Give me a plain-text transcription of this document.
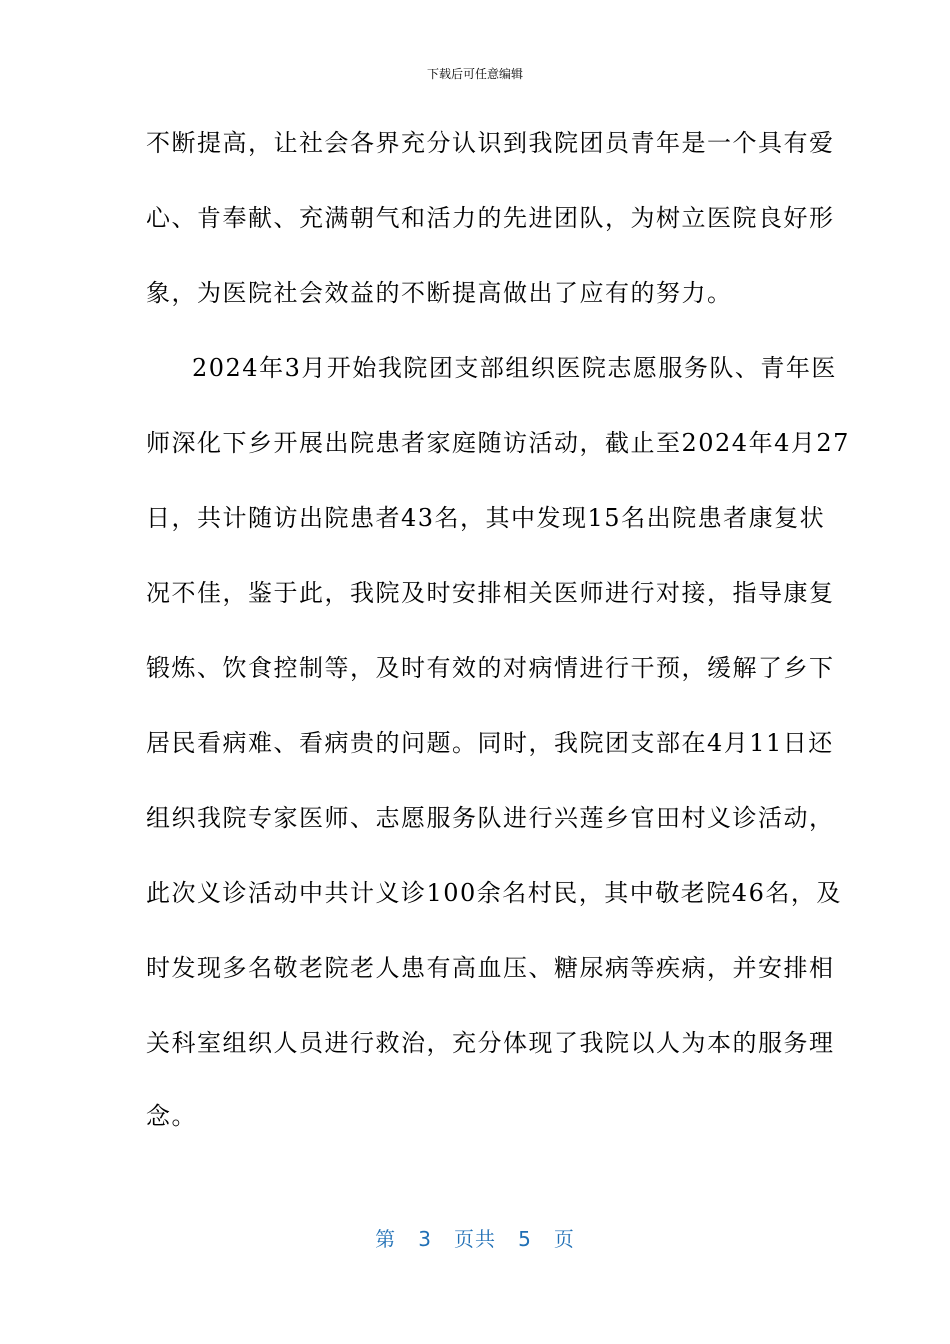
下载后可任意编辑
不断提高，让社会各界充分认识到我院团员青年是一个具有爱
心、肯奉献、充满朝气和活力的先进团队，为树立医院良好形
象，为医院社会效益的不断提高做出了应有的努力。
2024年3月开始我院团支部组织医院志愿服务队、青年医
师深化下乡开展出院患者家庭随访活动，截止至2024年4月27
日，共计随访出院患者43名，其中发现15名出院患者康复状
况不佳，鉴于此，我院及时安排相关医师进行对接，指导康复
锻炼、饮食控制等，及时有效的对病情进行干预，缓解了乡下
居民看病难、看病贵的问题。同时，我院团支部在4月11日还
组织我院专家医师、志愿服务队进行兴莲乡官田村义诊活动，
此次义诊活动中共计义诊100余名村民，其中敬老院46名，及
时发现多名敬老院老人患有高血压、糖尿病等疾病，并安排相
关科室组织人员进行救治，充分体现了我院以人为本的服务理
念。
第 3 页共 5 页
